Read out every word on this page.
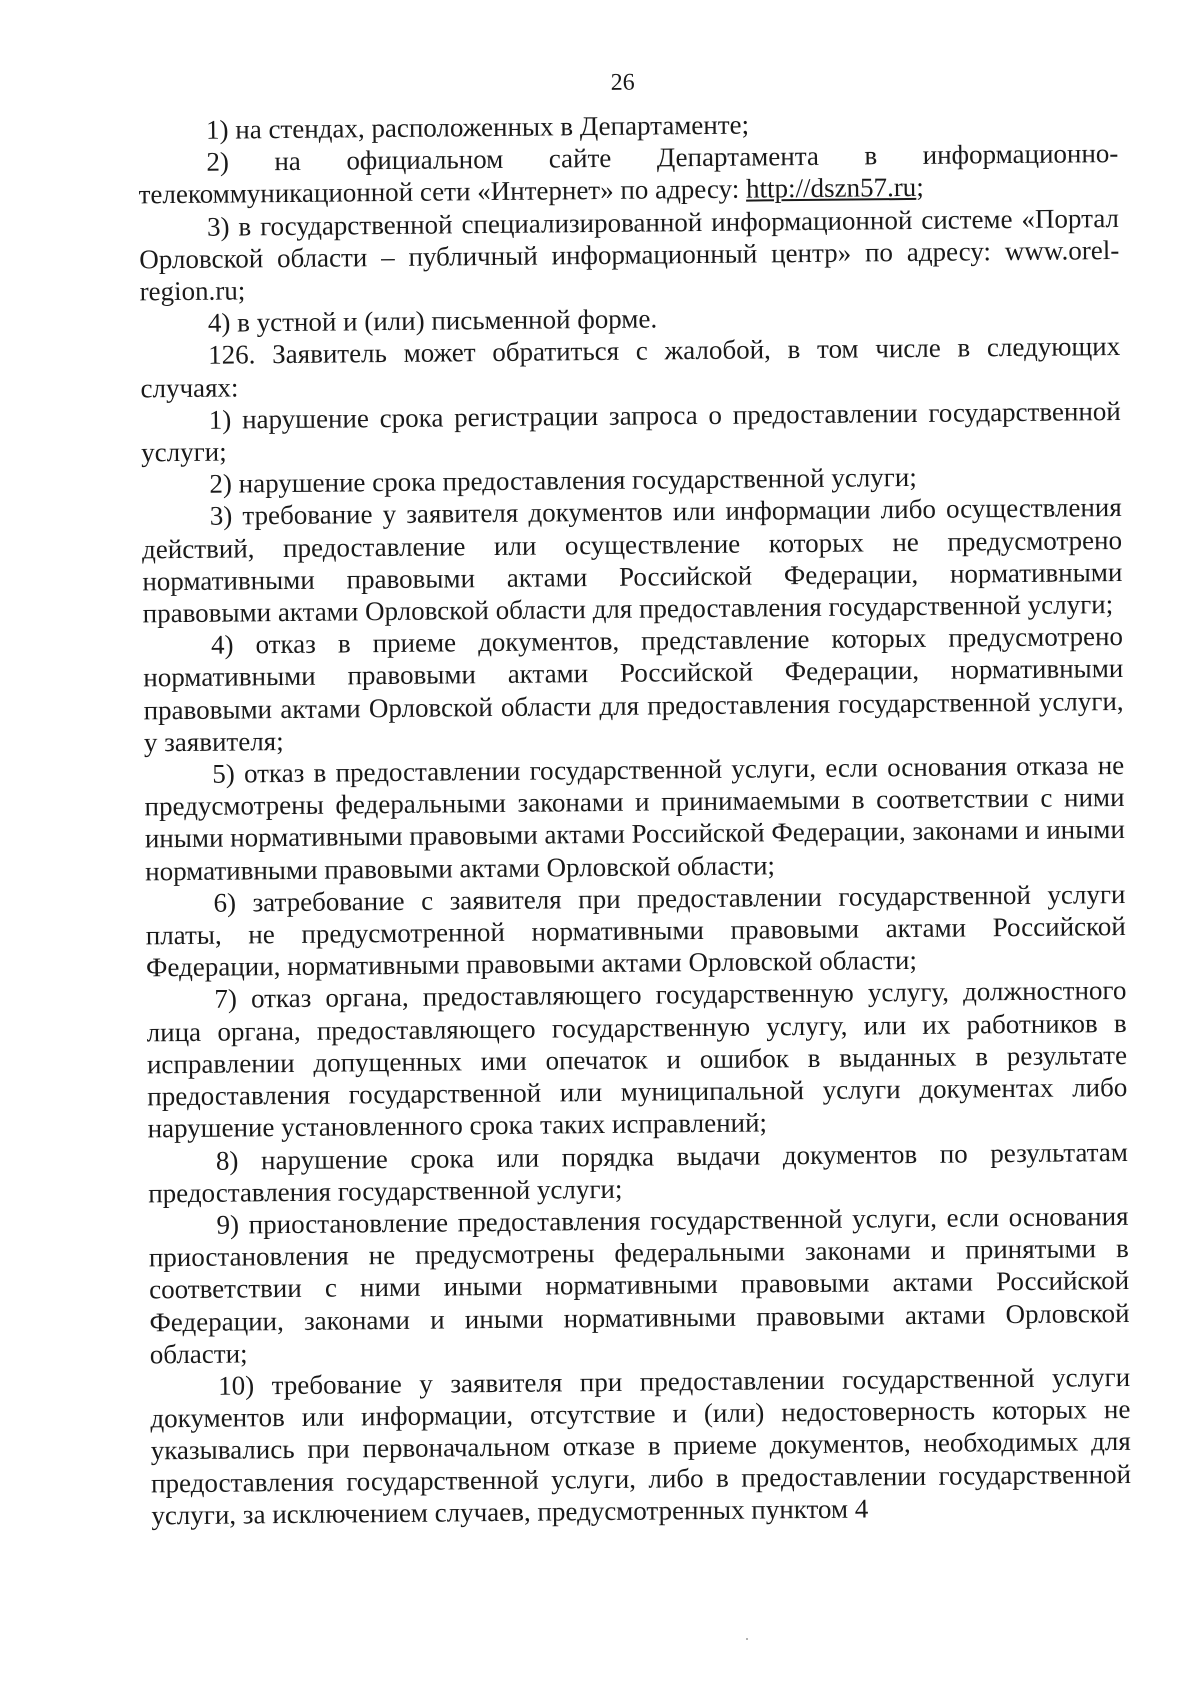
26

1) на стендах, расположенных в Департаменте;

2) на официальном сайте Департамента в информационно-телекоммуникационной сети «Интернет» по адресу: http://dszn57.ru;

3) в государственной специализированной информационной системе «Портал Орловской области – публичный информационный центр» по адресу: www.orel-region.ru;

4) в устной и (или) письменной форме.

126. Заявитель может обратиться с жалобой, в том числе в следующих случаях:

1) нарушение срока регистрации запроса о предоставлении государственной услуги;

2) нарушение срока предоставления государственной услуги;

3) требование у заявителя документов или информации либо осуществления действий, предоставление или осуществление которых не предусмотрено нормативными правовыми актами Российской Федерации, нормативными правовыми актами Орловской области для предоставления государственной услуги;

4) отказ в приеме документов, представление которых предусмотрено нормативными правовыми актами Российской Федерации, нормативными правовыми актами Орловской области для предоставления государственной услуги, у заявителя;

5) отказ в предоставлении государственной услуги, если основания отказа не предусмотрены федеральными законами и принимаемыми в соответствии с ними иными нормативными правовыми актами Российской Федерации, законами и иными нормативными правовыми актами Орловской области;

6) затребование с заявителя при предоставлении государственной услуги платы, не предусмотренной нормативными правовыми актами Российской Федерации, нормативными правовыми актами Орловской области;

7) отказ органа, предоставляющего государственную услугу, должностного лица органа, предоставляющего государственную услугу, или их работников в исправлении допущенных ими опечаток и ошибок в выданных в результате предоставления государственной или муниципальной услуги документах либо нарушение установленного срока таких исправлений;

8) нарушение срока или порядка выдачи документов по результатам предоставления государственной услуги;

9) приостановление предоставления государственной услуги, если основания приостановления не предусмотрены федеральными законами и принятыми в соответствии с ними иными нормативными правовыми актами Российской Федерации, законами и иными нормативными правовыми актами Орловской области;

10) требование у заявителя при предоставлении государственной услуги документов или информации, отсутствие и (или) недостоверность которых не указывались при первоначальном отказе в приеме документов, необходимых для предоставления государственной услуги, либо в предоставлении государственной услуги, за исключением случаев, предусмотренных пунктом 4
